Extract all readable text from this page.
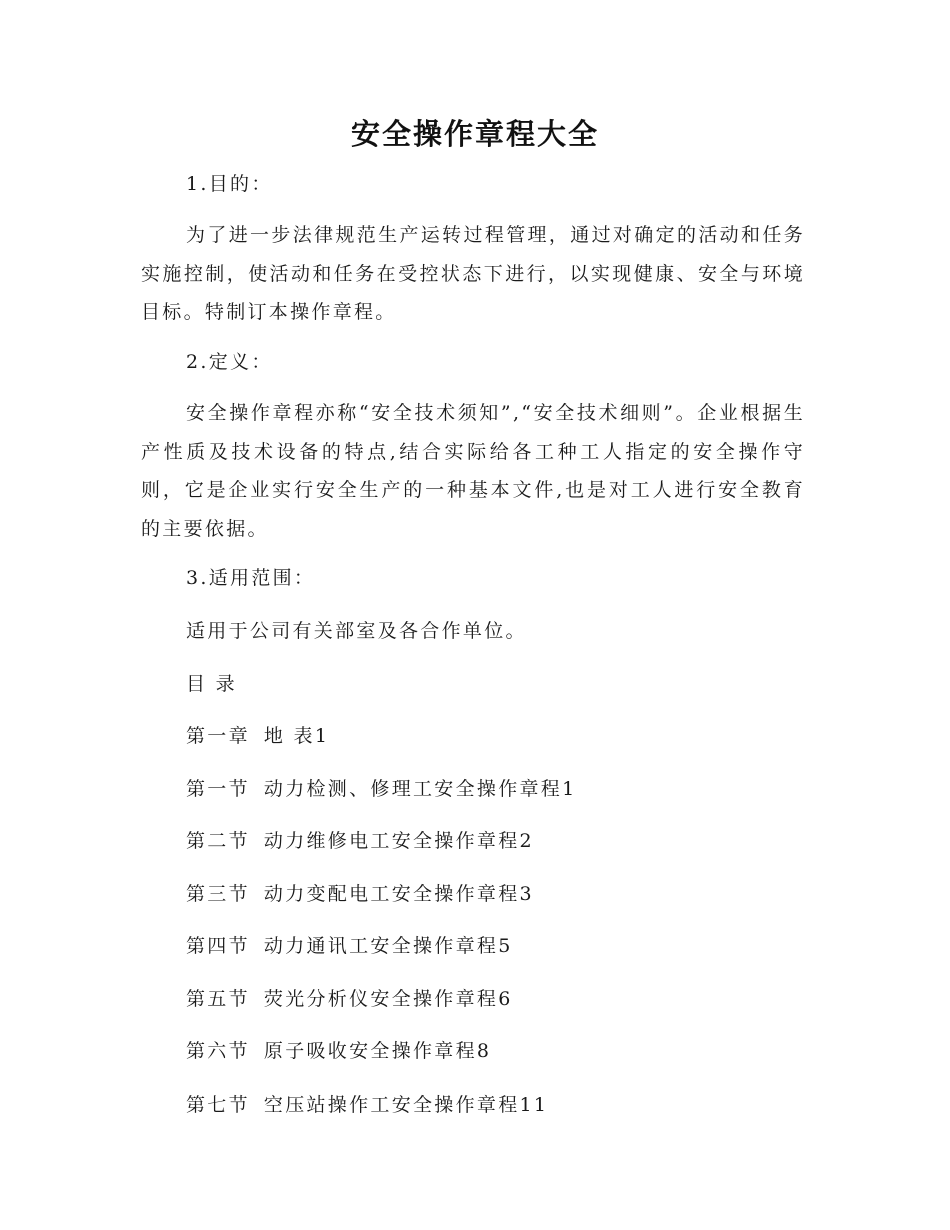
安全操作章程大全
1.目的：
为了进一步法律规范生产运转过程管理，通过对确定的活动和任务实施控制，使活动和任务在受控状态下进行，以实现健康、安全与环境目标。特制订本操作章程。
2.定义：
安全操作章程亦称“安全技术须知”,“安全技术细则”。企业根据生产性质及技术设备的特点,结合实际给各工种工人指定的安全操作守则，它是企业实行安全生产的一种基本文件,也是对工人进行安全教育的主要依据。
3.适用范围：
适用于公司有关部室及各合作单位。
目 录
第一章 地 表1
第一节 动力检测、修理工安全操作章程1
第二节 动力维修电工安全操作章程2
第三节 动力变配电工安全操作章程3
第四节 动力通讯工安全操作章程5
第五节 荧光分析仪安全操作章程6
第六节 原子吸收安全操作章程8
第七节 空压站操作工安全操作章程11
